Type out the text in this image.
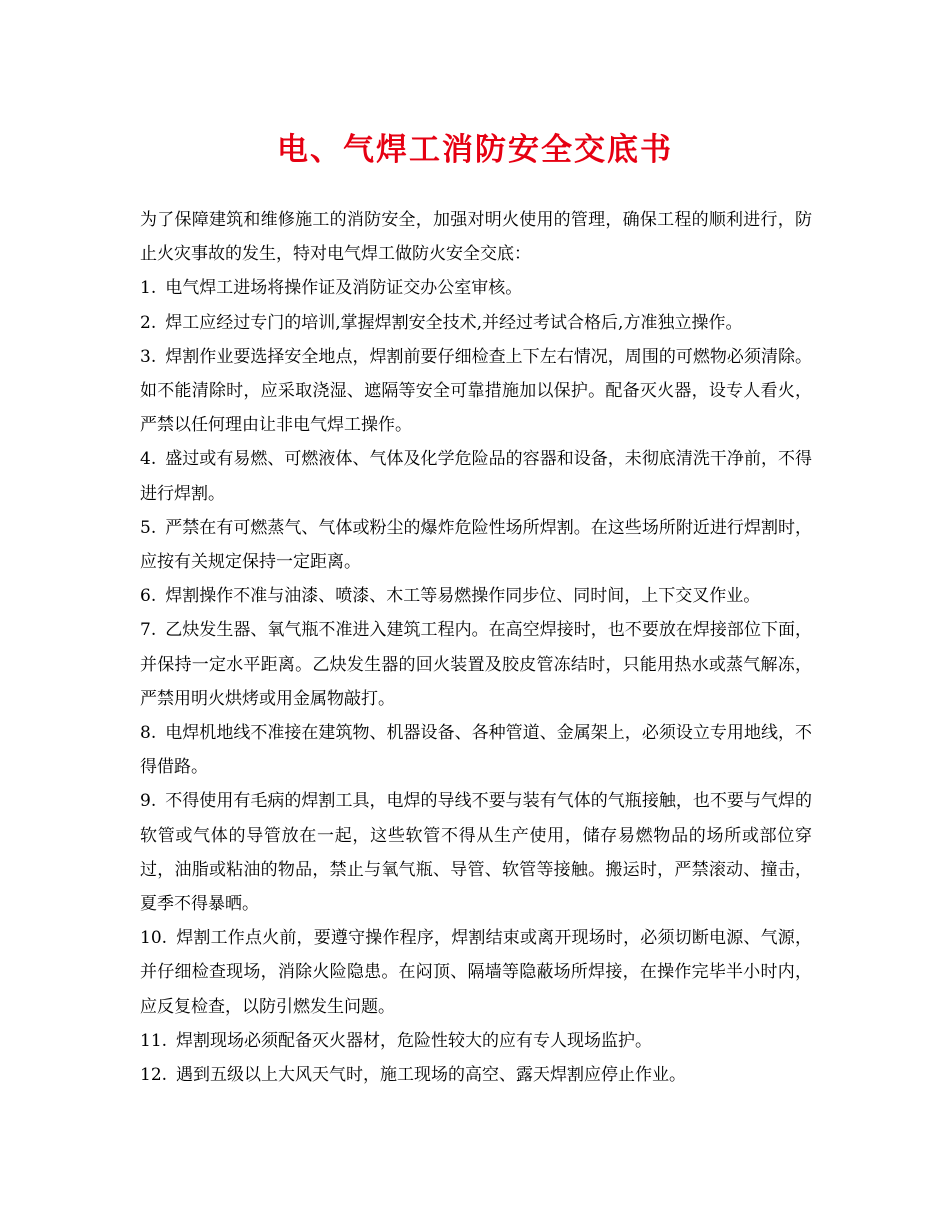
电、气焊工消防安全交底书

为了保障建筑和维修施工的消防安全，加强对明火使用的管理，确保工程的顺利进行，防止火灾事故的发生，特对电气焊工做防火安全交底：

1. 电气焊工进场将操作证及消防证交办公室审核。

2. 焊工应经过专门的培训,掌握焊割安全技术,并经过考试合格后,方准独立操作。

3. 焊割作业要选择安全地点，焊割前要仔细检查上下左右情况，周围的可燃物必须清除。如不能清除时，应采取浇湿、遮隔等安全可靠措施加以保护。配备灭火器，设专人看火，严禁以任何理由让非电气焊工操作。

4. 盛过或有易燃、可燃液体、气体及化学危险品的容器和设备，未彻底清洗干净前，不得进行焊割。

5. 严禁在有可燃蒸气、气体或粉尘的爆炸危险性场所焊割。在这些场所附近进行焊割时，应按有关规定保持一定距离。

6. 焊割操作不准与油漆、喷漆、木工等易燃操作同步位、同时间，上下交叉作业。

7. 乙炔发生器、氧气瓶不准进入建筑工程内。在高空焊接时，也不要放在焊接部位下面，并保持一定水平距离。乙炔发生器的回火装置及胶皮管冻结时，只能用热水或蒸气解冻，严禁用明火烘烤或用金属物敲打。

8. 电焊机地线不准接在建筑物、机器设备、各种管道、金属架上，必须设立专用地线，不得借路。

9. 不得使用有毛病的焊割工具，电焊的导线不要与装有气体的气瓶接触，也不要与气焊的软管或气体的导管放在一起，这些软管不得从生产使用，储存易燃物品的场所或部位穿过，油脂或粘油的物品，禁止与氧气瓶、导管、软管等接触。搬运时，严禁滚动、撞击，夏季不得暴晒。

10. 焊割工作点火前，要遵守操作程序，焊割结束或离开现场时，必须切断电源、气源，并仔细检查现场，消除火险隐患。在闷顶、隔墙等隐蔽场所焊接，在操作完毕半小时内，应反复检查，以防引燃发生问题。

11. 焊割现场必须配备灭火器材，危险性较大的应有专人现场监护。

12. 遇到五级以上大风天气时，施工现场的高空、露天焊割应停止作业。
